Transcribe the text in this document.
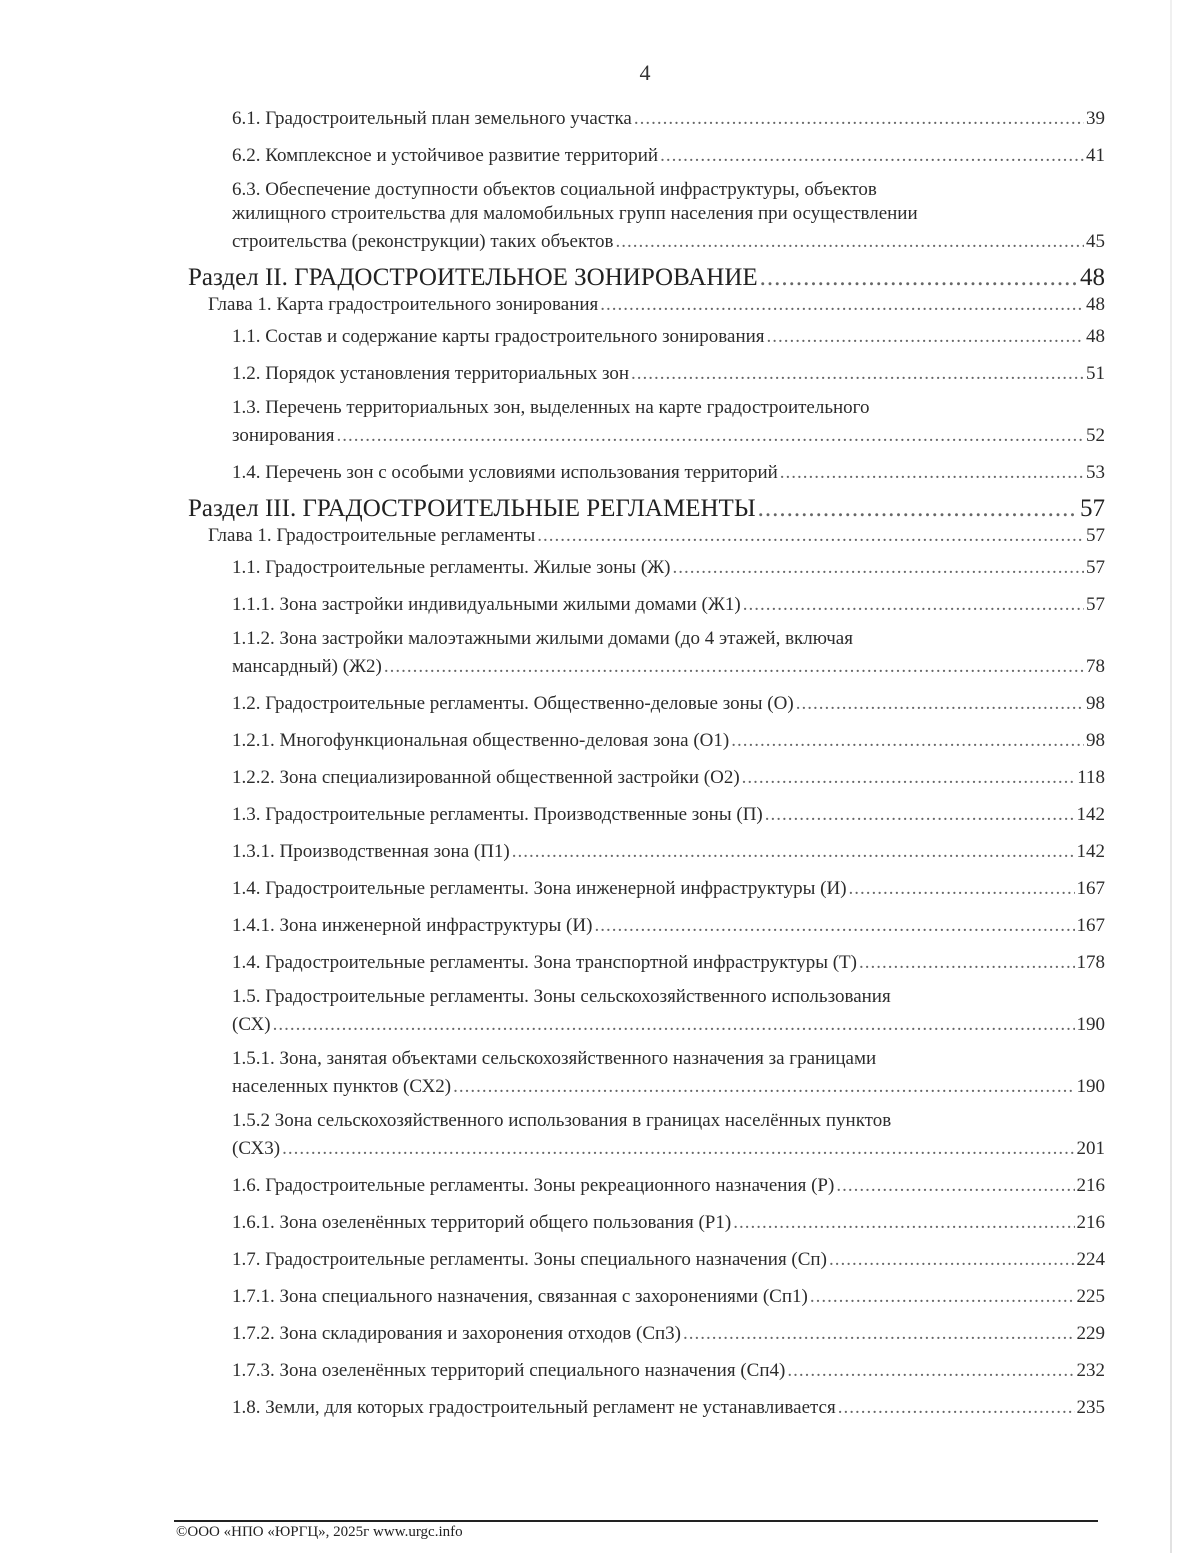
4
6.1. Градостроительный план земельного участка .....	39
6.2. Комплексное и устойчивое развитие территорий .....	41
6.3. Обеспечение доступности объектов социальной инфраструктуры, объектов
жилищного строительства для маломобильных групп населения при осуществлении
строительства (реконструкции) таких объектов .....	45
Раздел II. ГРАДОСТРОИТЕЛЬНОЕ ЗОНИРОВАНИЕ .....	48
Глава 1. Карта градостроительного зонирования .....	48
1.1. Состав и содержание карты градостроительного зонирования .....	48
1.2. Порядок установления территориальных зон .....	51
1.3. Перечень территориальных зон, выделенных на карте градостроительного
зонирования .....	52
1.4. Перечень зон с особыми условиями использования территорий .....	53
Раздел III. ГРАДОСТРОИТЕЛЬНЫЕ РЕГЛАМЕНТЫ .....	57
Глава 1. Градостроительные регламенты .....	57
1.1. Градостроительные регламенты. Жилые зоны (Ж) .....	57
1.1.1. Зона застройки индивидуальными жилыми домами (Ж1) .....	57
1.1.2. Зона застройки малоэтажными жилыми домами (до 4 этажей, включая
мансардный) (Ж2) .....	78
1.2. Градостроительные регламенты. Общественно-деловые зоны (О) .....	98
1.2.1. Многофункциональная общественно-деловая зона (О1) .....	98
1.2.2. Зона специализированной общественной застройки (О2) .....	118
1.3. Градостроительные регламенты. Производственные зоны (П) .....	142
1.3.1. Производственная зона (П1) .....	142
1.4. Градостроительные регламенты. Зона инженерной инфраструктуры (И) .....	167
1.4.1. Зона инженерной инфраструктуры (И) .....	167
1.4. Градостроительные регламенты. Зона транспортной инфраструктуры (Т) .....	178
1.5. Градостроительные регламенты. Зоны сельскохозяйственного использования
(СХ) .....	190
1.5.1. Зона, занятая объектами сельскохозяйственного назначения за границами
населенных пунктов (СХ2) .....	190
1.5.2 Зона сельскохозяйственного использования в границах населённых пунктов
(СХ3) .....	201
1.6. Градостроительные регламенты. Зоны рекреационного назначения (Р) .....	216
1.6.1. Зона озеленённых территорий общего пользования (Р1) .....	216
1.7. Градостроительные регламенты. Зоны специального назначения (Сп) .....	224
1.7.1. Зона специального назначения, связанная с захоронениями (Сп1) .....	225
1.7.2. Зона складирования и захоронения отходов (Сп3) .....	229
1.7.3. Зона озеленённых территорий специального назначения (Сп4) .....	232
1.8. Земли, для которых градостроительный регламент не устанавливается .....	235
©ООО «НПО «ЮРГЦ», 2025г www.urgc.info
